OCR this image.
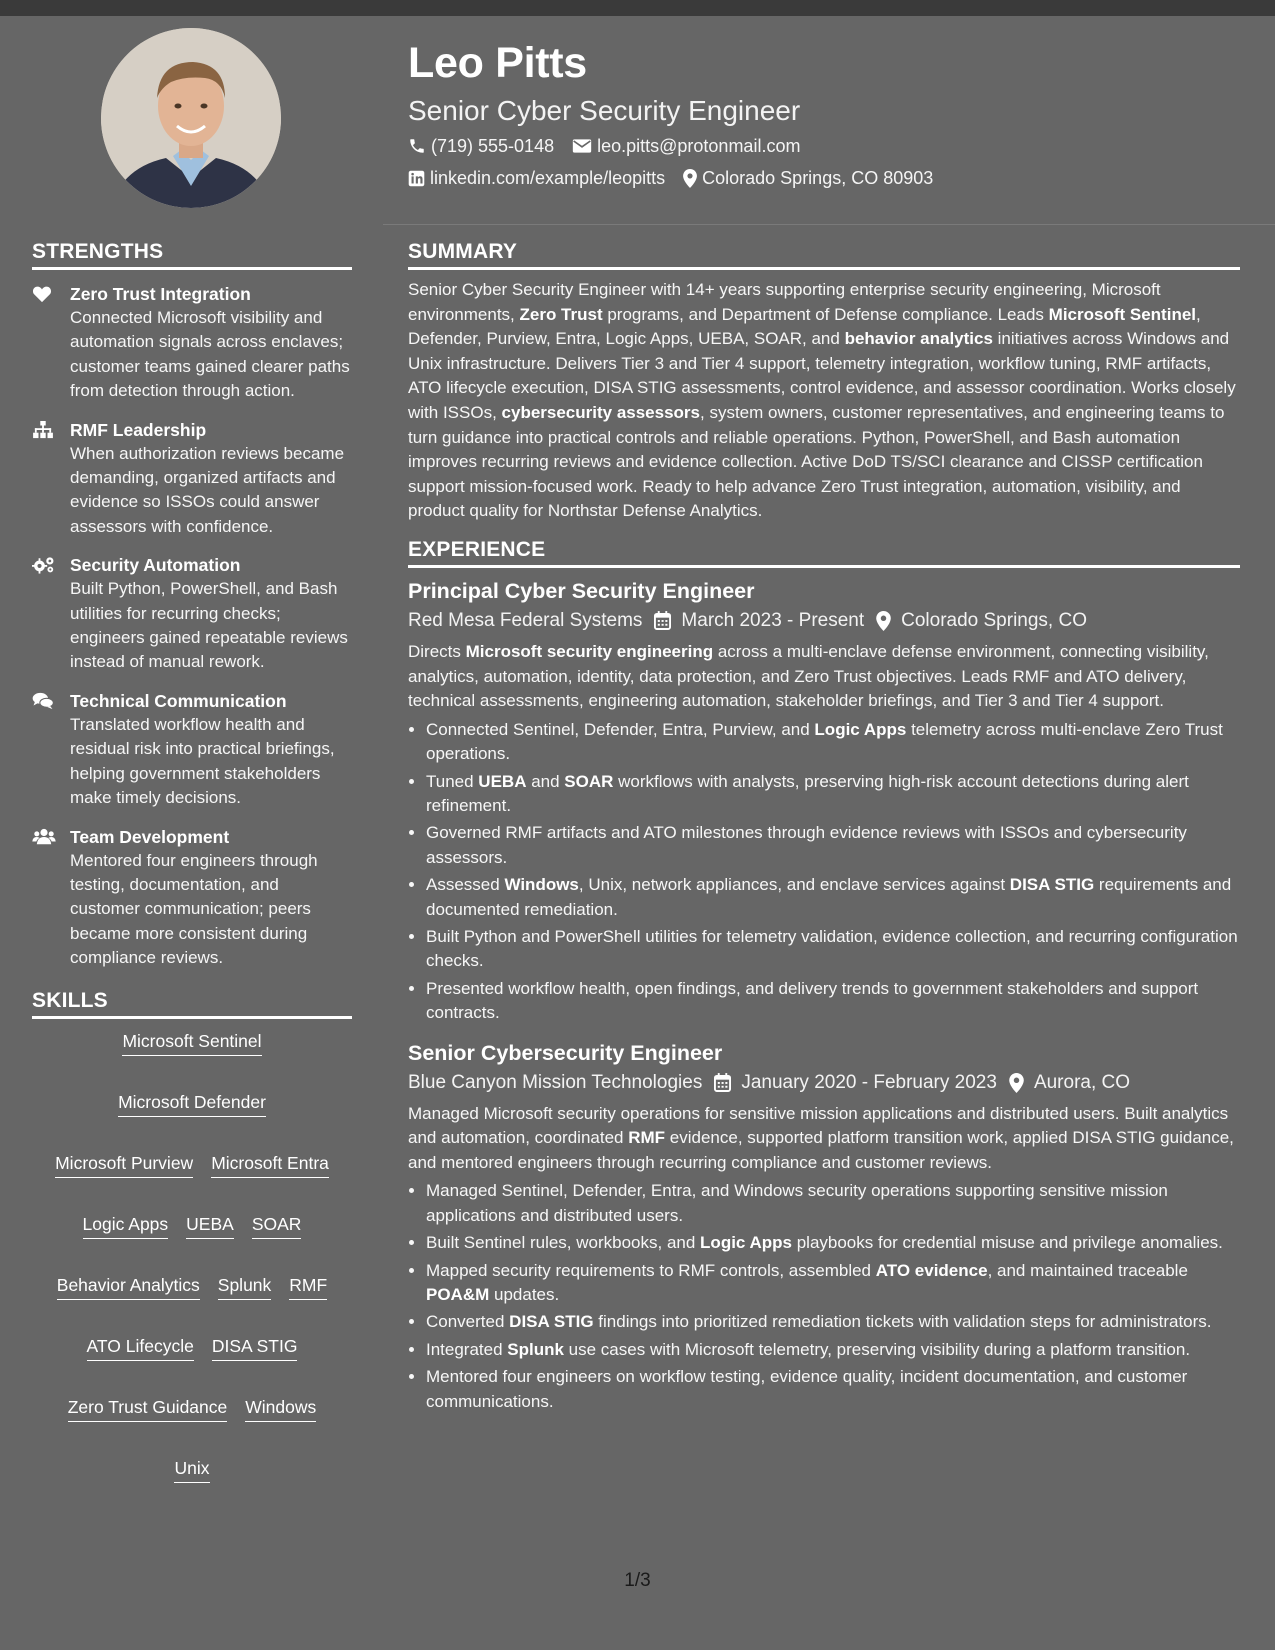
Leo Pitts
Senior Cyber Security Engineer
(719) 555-0148 leo.pitts@protonmail.com
linkedin.com/example/leopitts Colorado Springs, CO 80903
STRENGTHS
Zero Trust Integration
Connected Microsoft visibility and automation signals across enclaves; customer teams gained clearer paths from detection through action.
RMF Leadership
When authorization reviews became demanding, organized artifacts and evidence so ISSOs could answer assessors with confidence.
Security Automation
Built Python, PowerShell, and Bash utilities for recurring checks; engineers gained repeatable reviews instead of manual rework.
Technical Communication
Translated workflow health and residual risk into practical briefings, helping government stakeholders make timely decisions.
Team Development
Mentored four engineers through testing, documentation, and customer communication; peers became more consistent during compliance reviews.
SKILLS
Microsoft Sentinel
Microsoft Defender
Microsoft Purview Microsoft Entra
Logic Apps UEBA SOAR
Behavior Analytics Splunk RMF
ATO Lifecycle DISA STIG
Zero Trust Guidance Windows
Unix
SUMMARY
Senior Cyber Security Engineer with 14+ years supporting enterprise security engineering, Microsoft environments, Zero Trust programs, and Department of Defense compliance. Leads Microsoft Sentinel, Defender, Purview, Entra, Logic Apps, UEBA, SOAR, and behavior analytics initiatives across Windows and Unix infrastructure. Delivers Tier 3 and Tier 4 support, telemetry integration, workflow tuning, RMF artifacts, ATO lifecycle execution, DISA STIG assessments, control evidence, and assessor coordination. Works closely with ISSOs, cybersecurity assessors, system owners, customer representatives, and engineering teams to turn guidance into practical controls and reliable operations. Python, PowerShell, and Bash automation improves recurring reviews and evidence collection. Active DoD TS/SCI clearance and CISSP certification support mission-focused work. Ready to help advance Zero Trust integration, automation, visibility, and product quality for Northstar Defense Analytics.
EXPERIENCE
Principal Cyber Security Engineer
Red Mesa Federal Systems March 2023 - Present Colorado Springs, CO
Directs Microsoft security engineering across a multi-enclave defense environment, connecting visibility, analytics, automation, identity, data protection, and Zero Trust objectives. Leads RMF and ATO delivery, technical assessments, engineering automation, stakeholder briefings, and Tier 3 and Tier 4 support.
• Connected Sentinel, Defender, Entra, Purview, and Logic Apps telemetry across multi-enclave Zero Trust operations.
• Tuned UEBA and SOAR workflows with analysts, preserving high-risk account detections during alert refinement.
• Governed RMF artifacts and ATO milestones through evidence reviews with ISSOs and cybersecurity assessors.
• Assessed Windows, Unix, network appliances, and enclave services against DISA STIG requirements and documented remediation.
• Built Python and PowerShell utilities for telemetry validation, evidence collection, and recurring configuration checks.
• Presented workflow health, open findings, and delivery trends to government stakeholders and support contracts.
Senior Cybersecurity Engineer
Blue Canyon Mission Technologies January 2020 - February 2023 Aurora, CO
Managed Microsoft security operations for sensitive mission applications and distributed users. Built analytics and automation, coordinated RMF evidence, supported platform transition work, applied DISA STIG guidance, and mentored engineers through recurring compliance and customer reviews.
• Managed Sentinel, Defender, Entra, and Windows security operations supporting sensitive mission applications and distributed users.
• Built Sentinel rules, workbooks, and Logic Apps playbooks for credential misuse and privilege anomalies.
• Mapped security requirements to RMF controls, assembled ATO evidence, and maintained traceable POA&M updates.
• Converted DISA STIG findings into prioritized remediation tickets with validation steps for administrators.
• Integrated Splunk use cases with Microsoft telemetry, preserving visibility during a platform transition.
• Mentored four engineers on workflow testing, evidence quality, incident documentation, and customer communications.
1/3
